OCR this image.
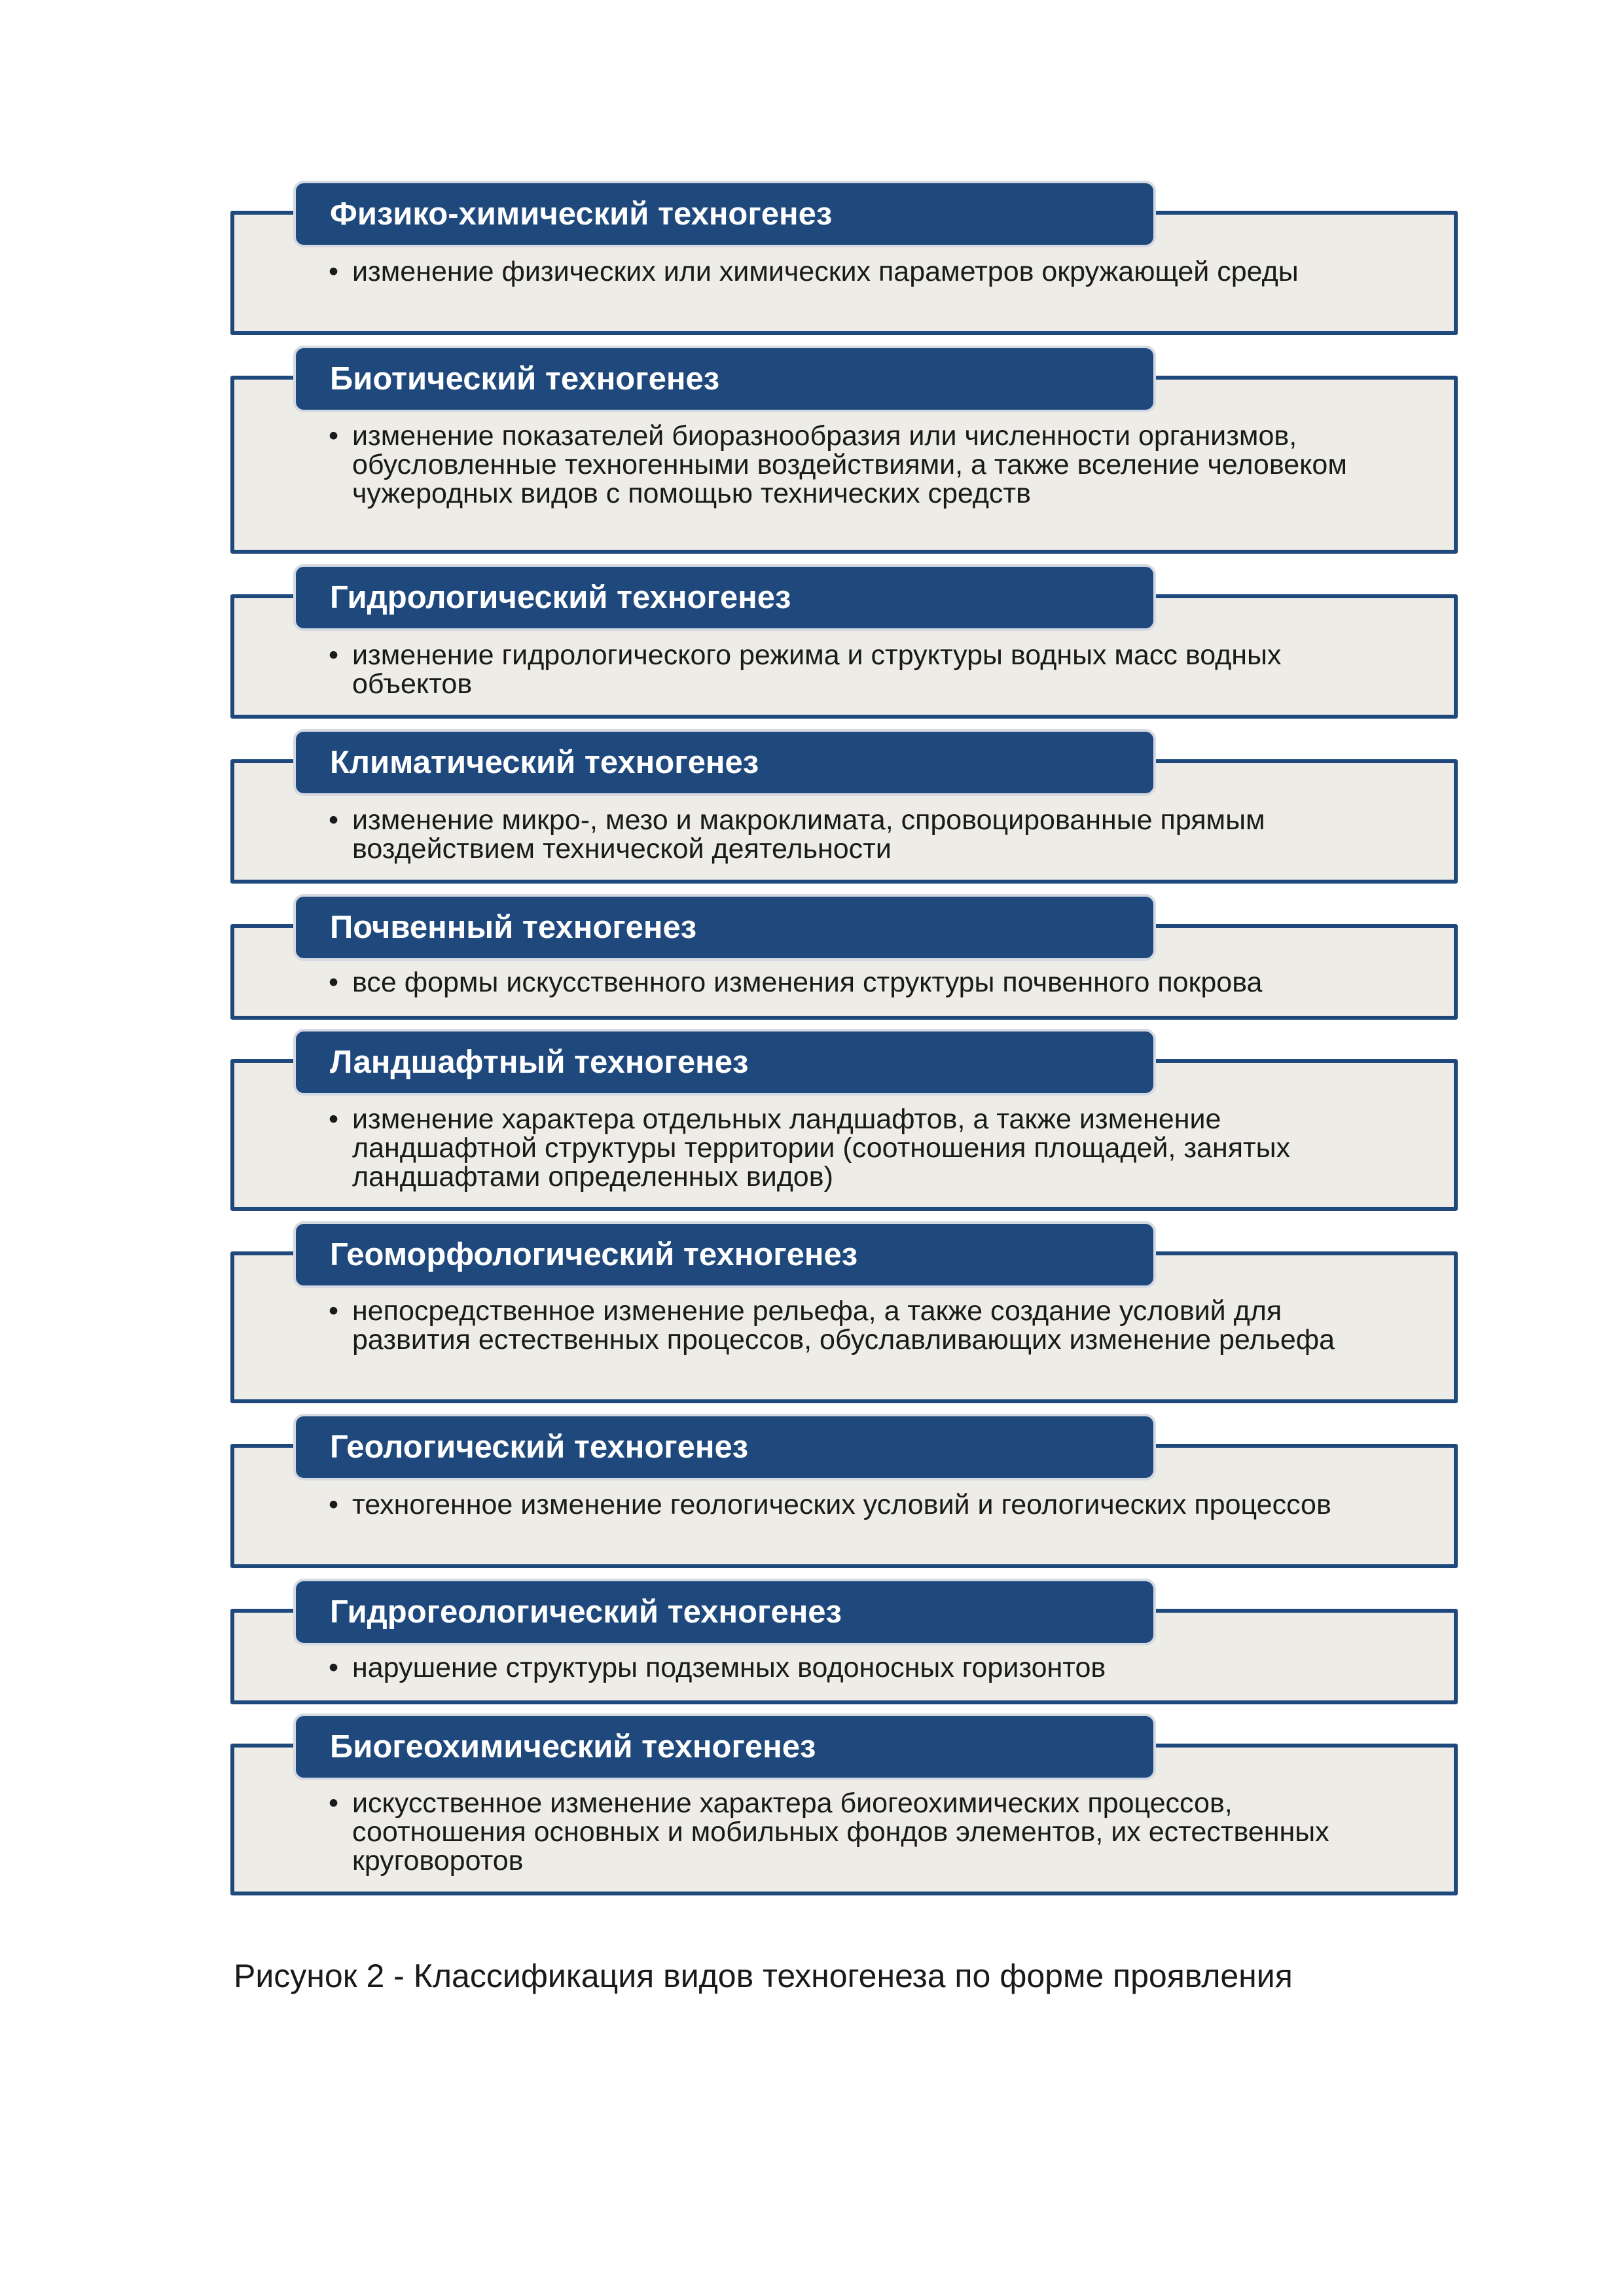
Физико-химический техногенез
• изменение физических или химических параметров окружающей среды
Биотический техногенез
• изменение показателей биоразнообразия или численности организмов, обусловленные техногенными воздействиями, а также вселение человеком чужеродных видов с помощью технических средств
Гидрологический техногенез
• изменение гидрологического режима и структуры водных масс водных объектов
Климатический техногенез
• изменение микро-, мезо и макроклимата, спровоцированные прямым воздействием технической деятельности
Почвенный техногенез
• все формы искусственного изменения структуры почвенного покрова
Ландшафтный техногенез
• изменение характера отдельных ландшафтов, а также изменение ландшафтной структуры территории (соотношения площадей, занятых ландшафтами определенных видов)
Геоморфологический техногенез
• непосредственное изменение рельефа, а также создание условий для развития естественных процессов, обуславливающих изменение рельефа
Геологический техногенез
• техногенное изменение геологических условий и геологических процессов
Гидрогеологический техногенез
• нарушение структуры подземных водоносных горизонтов
Биогеохимический техногенез
• искусственное изменение характера биогеохимических процессов, соотношения основных и мобильных фондов элементов, их естественных круговоротов
Рисунок 2 - Классификация видов техногенеза по форме проявления
